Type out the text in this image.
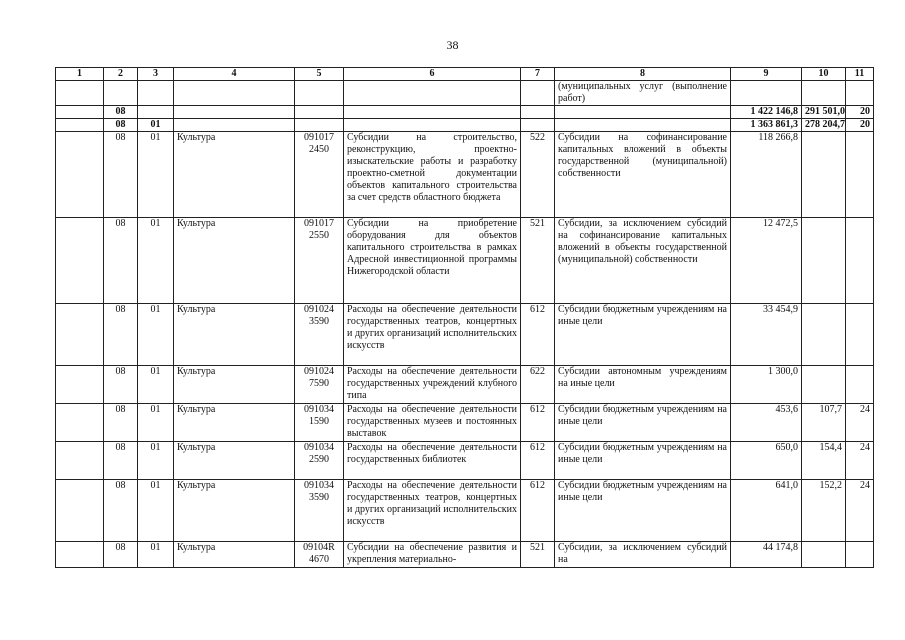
38
1	2	3	4	5	6	7	8	9	10	11
							(муниципальных услуг (выполнение работ)			
	08							1 422 146,8	291 501,0	20
	08	01						1 363 861,3	278 204,7	20
	08	01	Культура	091017 2450	Субсидии на строительство, реконструкцию, проектно-изыскательские работы и разработку проектно-сметной документации объектов капитального строительства за счет средств областного бюджета	522	Субсидии на софинансирование капитальных вложений в объекты государственной (муниципальной) собственности	118 266,8		
	08	01	Культура	091017 2550	Субсидии на приобретение оборудования для объектов капитального строительства в рамках Адресной инвестиционной программы Нижегородской области	521	Субсидии, за исключением субсидий на софинансирование капитальных вложений в объекты государственной (муниципальной) собственности	12 472,5		
	08	01	Культура	091024 3590	Расходы на обеспечение деятельности государственных театров, концертных и других организаций исполнительских искусств	612	Субсидии бюджетным учреждениям на иные цели	33 454,9		
	08	01	Культура	091024 7590	Расходы на обеспечение деятельности государственных учреждений клубного типа	622	Субсидии автономным учреждениям на иные цели	1 300,0		
	08	01	Культура	091034 1590	Расходы на обеспечение деятельности государственных музеев и постоянных выставок	612	Субсидии бюджетным учреждениям на иные цели	453,6	107,7	24
	08	01	Культура	091034 2590	Расходы на обеспечение деятельности государственных библиотек	612	Субсидии бюджетным учреждениям на иные цели	650,0	154,4	24
	08	01	Культура	091034 3590	Расходы на обеспечение деятельности государственных театров, концертных и других организаций исполнительских искусств	612	Субсидии бюджетным учреждениям на иные цели	641,0	152,2	24
	08	01	Культура	09104R 4670	Субсидии на обеспечение развития и укрепления материально-	521	Субсидии, за исключением субсидий на	44 174,8		
